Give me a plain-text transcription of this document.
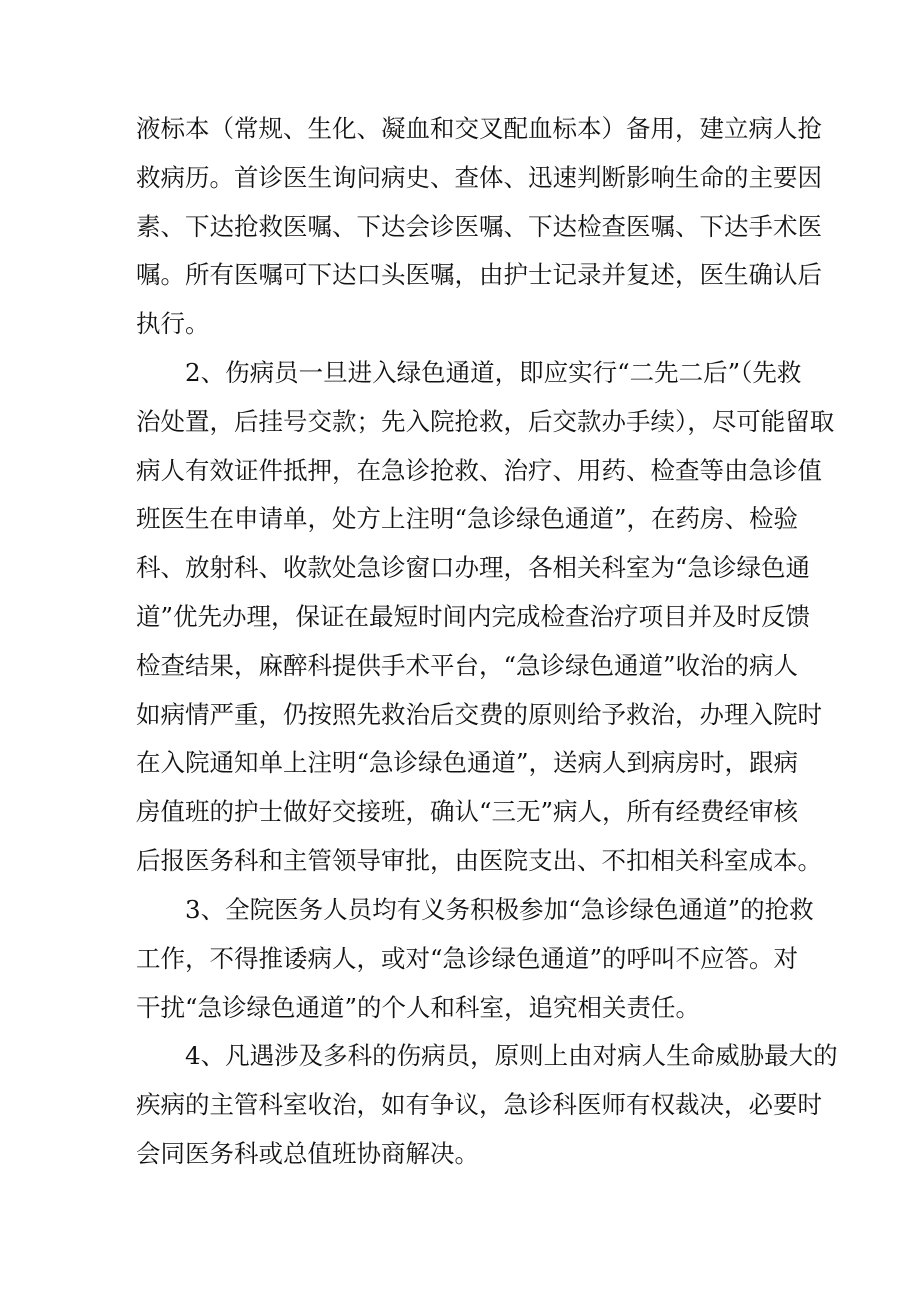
液标本（常规、生化、凝血和交叉配血标本）备用，建立病人抢
救病历。首诊医生询问病史、查体、迅速判断影响生命的主要因
素、下达抢救医嘱、下达会诊医嘱、下达检查医嘱、下达手术医
嘱。所有医嘱可下达口头医嘱，由护士记录并复述，医生确认后
执行。
2、伤病员一旦进入绿色通道，即应实行“二先二后”（先救
治处置，后挂号交款；先入院抢救，后交款办手续），尽可能留取
病人有效证件抵押，在急诊抢救、治疗、用药、检查等由急诊值
班医生在申请单，处方上注明“急诊绿色通道”，在药房、检验
科、放射科、收款处急诊窗口办理，各相关科室为“急诊绿色通
道”优先办理，保证在最短时间内完成检查治疗项目并及时反馈
检查结果，麻醉科提供手术平台，“急诊绿色通道”收治的病人
如病情严重，仍按照先救治后交费的原则给予救治，办理入院时
在入院通知单上注明“急诊绿色通道”，送病人到病房时，跟病
房值班的护士做好交接班，确认“三无”病人，所有经费经审核
后报医务科和主管领导审批，由医院支出、不扣相关科室成本。
3、全院医务人员均有义务积极参加“急诊绿色通道”的抢救
工作，不得推诿病人，或对“急诊绿色通道”的呼叫不应答。对
干扰“急诊绿色通道”的个人和科室，追究相关责任。
4、凡遇涉及多科的伤病员，原则上由对病人生命威胁最大的
疾病的主管科室收治，如有争议，急诊科医师有权裁决，必要时
会同医务科或总值班协商解决。
